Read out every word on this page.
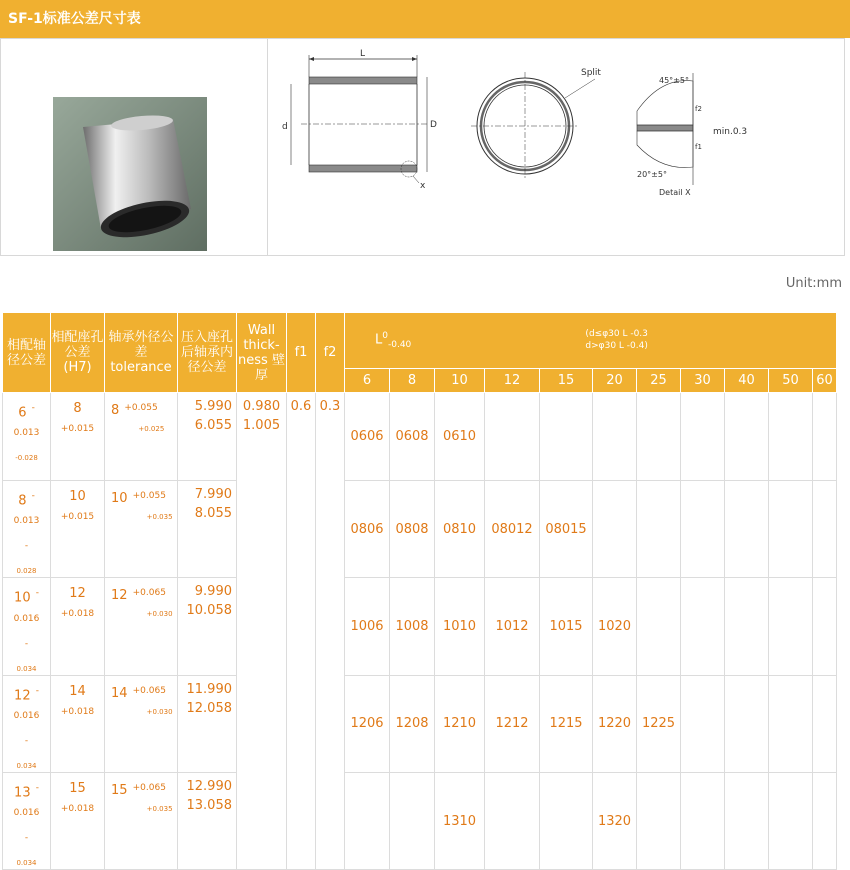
SF-1标准公差尺寸表
L
d	D
x
Split
45°±5°
20°±5°
f2
f1
min.0.3
Detail X
Unit:mm
相配轴径公差	相配座孔公差 (H7)	轴承外径公差tolerance	压入座孔后轴承内径公差	Wall thick-ness 壁厚	f1	f2	$L^0_{-0.40}$ (d≤φ30 L -0.3
d>φ30 L -0.4)										
							6	8	10	12	15	20	25	30	40	50	60

6 -
0.013
-0.028	8
+0.015	8 +0.055
+0.025	5.990
6.055	0.980
1.005	0.6	0.3	0606	0608	0610								

8 -
0.013
-
0.028	10
+0.015	10 +0.055
+0.035	7.990
8.055				0806	0808	0810	08012	08015						

10 -
0.016
-
0.034	12
+0.018	12 +0.065
+0.030	9.990
10.058				1006	1008	1010	1012	1015	1020					

12 -
0.016
-
0.034	14
+0.018	14 +0.065
+0.030	11.990
12.058				1206	1208	1210	1212	1215	1220	1225				

13 -
0.016
-
0.034	15
+0.018	15 +0.065
+0.035	12.990
13.058						1310			1320					
